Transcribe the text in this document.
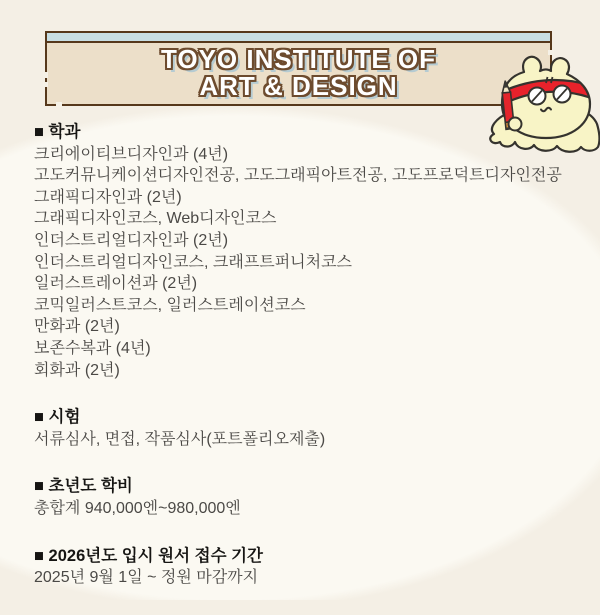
TOYO INSTITUTE OF
ART & DESIGN
■ 학과
크리에이티브디자인과 (4년)
고도커뮤니케이션디자인전공, 고도그래픽아트전공, 고도프로덕트디자인전공
그래픽디자인과 (2년)
그래픽디자인코스, Web디자인코스
인더스트리얼디자인과 (2년)
인더스트리얼디자인코스, 크래프트퍼니처코스
일러스트레이션과 (2년)
코믹일러스트코스, 일러스트레이션코스
만화과 (2년)
보존수복과 (4년)
회화과 (2년)
■ 시험
서류심사, 면접, 작품심사(포트폴리오제출)
■ 초년도 학비
총합계 940,000엔~980,000엔
■ 2026년도 입시 원서 접수 기간
2025년 9월 1일 ~ 정원 마감까지
